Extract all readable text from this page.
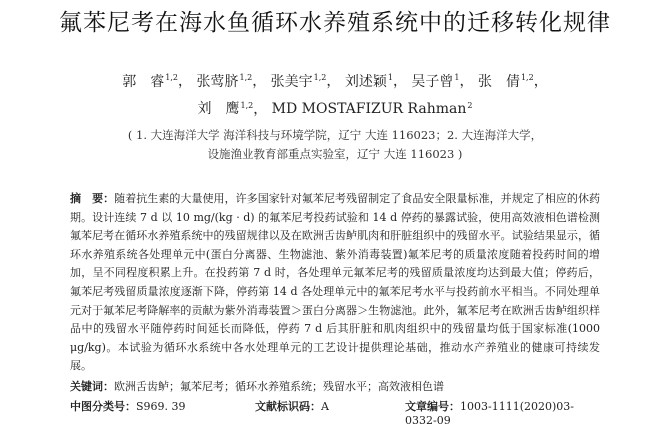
氟苯尼考在海水鱼循环水养殖系统中的迁移转化规律
郭　睿$^{1,2}$， 张莺脐$^{1,2}$， 张美宇$^{1,2}$， 刘述颖$^1$， 吴子曾$^1$， 张　倩$^{1,2}$，
刘　鹰$^{1,2}$， MD MOSTAFIZUR Rahman$^2$
( 1. 大连海洋大学 海洋科技与环境学院，辽宁 大连 116023；2. 大连海洋大学，
设施渔业教育部重点实验室，辽宁 大连 116023 )
摘　要：随着抗生素的大量使用，许多国家针对氟苯尼考残留制定了食品安全限量标准，并规定了相应的休药期。设计连续 7 d 以 10 mg/(kg · d) 的氟苯尼考投药试验和 14 d 停药的暴露试验，使用高效液相色谱检测氟苯尼考在循环水养殖系统中的残留规律以及在欧洲舌齿鲈肌肉和肝脏组织中的残留水平。试验结果显示，循环水养殖系统各处理单元中(蛋白分离器、生物滤池、紫外消毒装置)氟苯尼考的质量浓度随着投药时间的增加，呈不同程度积累上升。在投药第 7 d 时，各处理单元氟苯尼考的残留质量浓度均达到最大值；停药后，氟苯尼考残留质量浓度逐渐下降，停药第 14 d 各处理单元中的氟苯尼考水平与投药前水平相当。不同处理单元对于氟苯尼考降解率的贡献为紫外消毒装置＞蛋白分离器＞生物滤池。此外，氟苯尼考在欧洲舌齿鲈组织样品中的残留水平随停药时间延长而降低，停药 7 d 后其肝脏和肌肉组织中的残留量均低于国家标准(1000 μg/kg)。本试验为循环水系统中各水处理单元的工艺设计提供理论基础，推动水产养殖业的健康可持续发展。
关键词：欧洲舌齿鲈；氟苯尼考；循环水养殖系统；残留水平；高效液相色谱
中图分类号：S969. 39	文献标识码：A	文章编号：1003-1111(2020)03-0332-09
